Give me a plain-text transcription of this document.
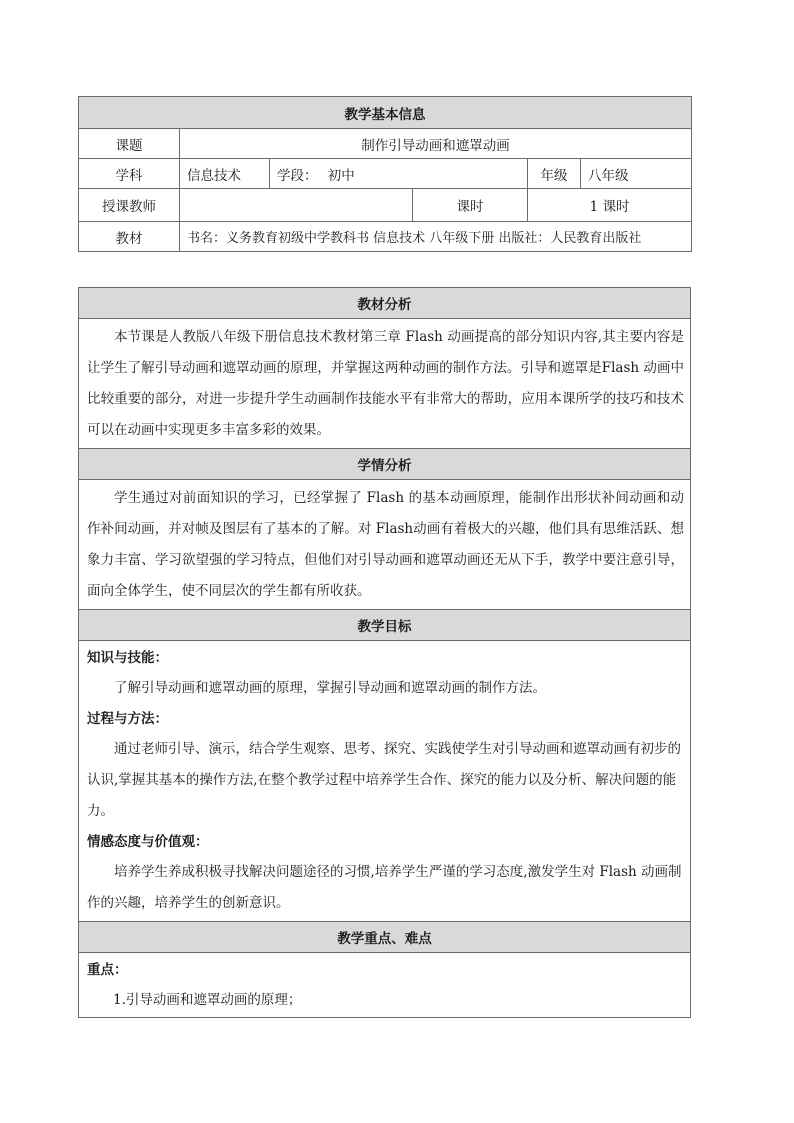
教学基本信息					
课题	制作引导动画和遮罩动画				
学科	信息技术	学段： 初中		年级	八年级
授课教师			课时	1 课时	
教材	书名：义务教育初级中学教科书 信息技术 八年级下册 出版社：人民教育出版社				
教材分析

本节课是人教版八年级下册信息技术教材第三章 Flash 动画提高的部分知识内容,其主要内容是让学生了解引导动画和遮罩动画的原理，并掌握这两种动画的制作方法。引导和遮罩是Flash 动画中比较重要的部分，对进一步提升学生动画制作技能水平有非常大的帮助，应用本课所学的技巧和技术可以在动画中实现更多丰富多彩的效果。

学情分析

学生通过对前面知识的学习，已经掌握了 Flash 的基本动画原理，能制作出形状补间动画和动作补间动画，并对帧及图层有了基本的了解。对 Flash动画有着极大的兴趣，他们具有思维活跃、想象力丰富、学习欲望强的学习特点，但他们对引导动画和遮罩动画还无从下手，教学中要注意引导，面向全体学生，使不同层次的学生都有所收获。

教学目标

知识与技能：
了解引导动画和遮罩动画的原理，掌握引导动画和遮罩动画的制作方法。
过程与方法：
通过老师引导、演示，结合学生观察、思考、探究、实践使学生对引导动画和遮罩动画有初步的认识,掌握其基本的操作方法,在整个教学过程中培养学生合作、探究的能力以及分析、解决问题的能力。
情感态度与价值观：
培养学生养成积极寻找解决问题途径的习惯,培养学生严谨的学习态度,激发学生对 Flash 动画制作的兴趣，培养学生的创新意识。

教学重点、难点

重点：
1.引导动画和遮罩动画的原理；
